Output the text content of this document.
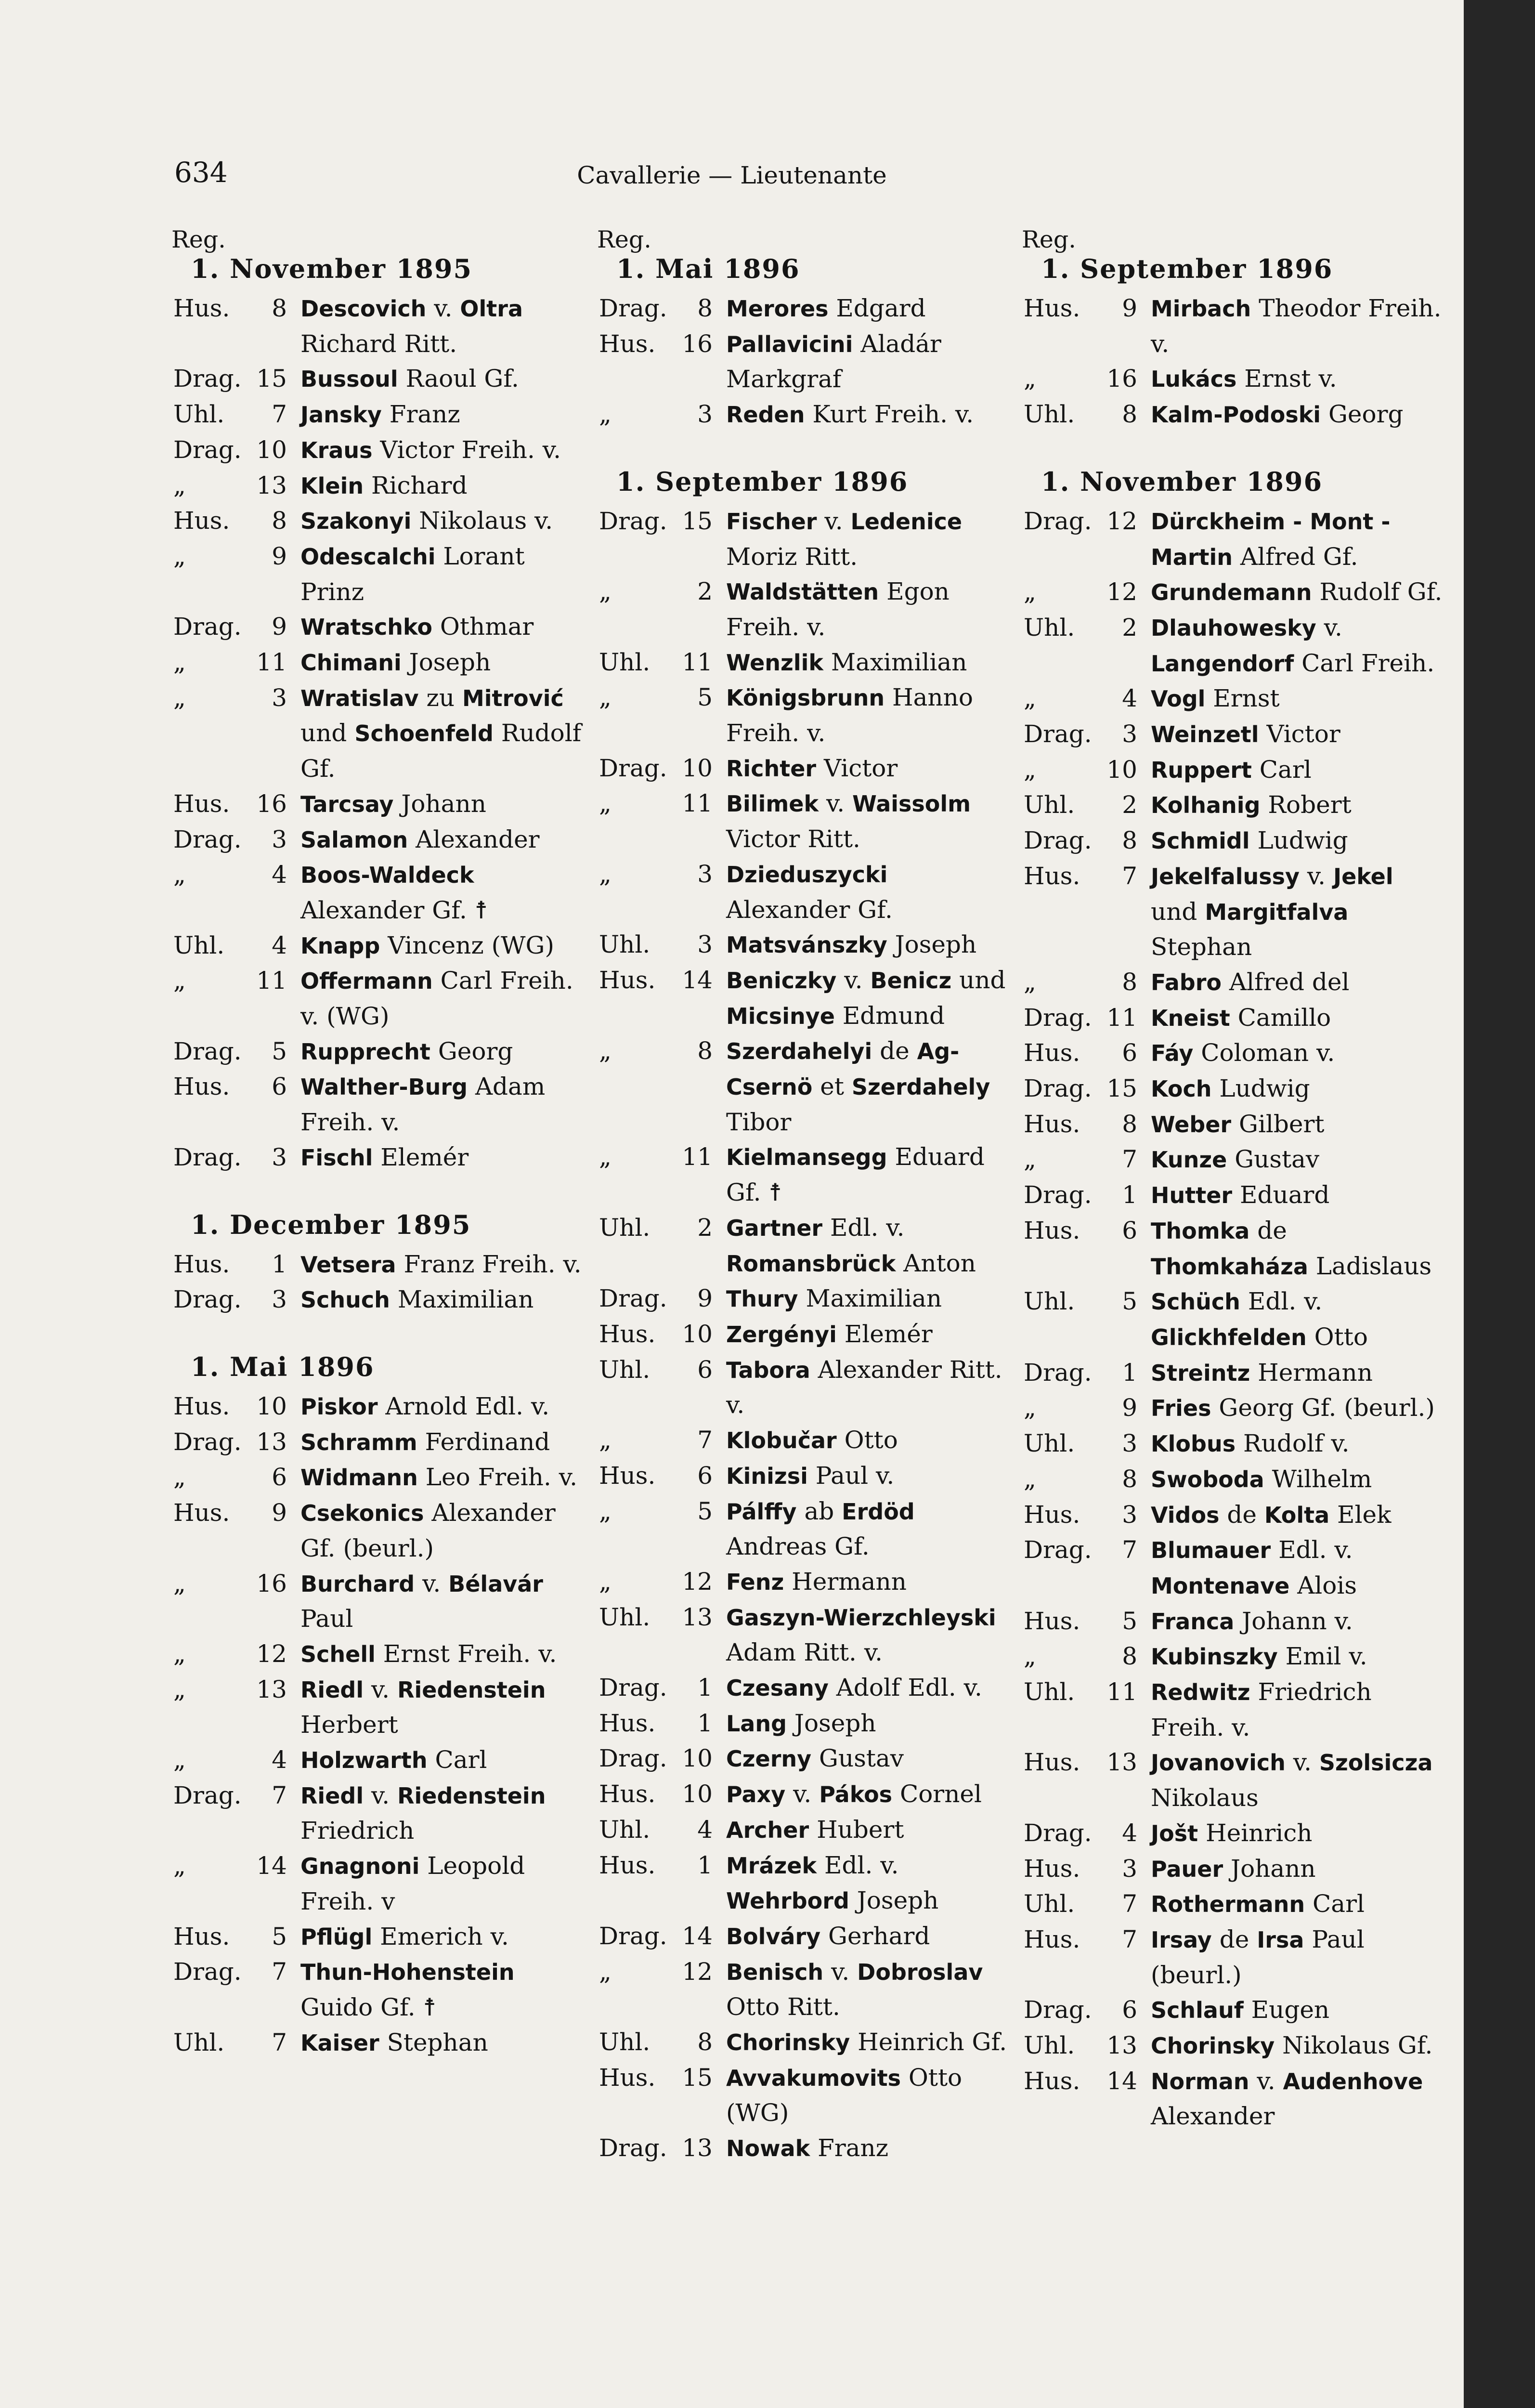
634	Cavallerie — Lieutenante
Reg.
1. November 1895
Hus.	8 Descovich v. Oltra Richard Ritt.
Drag. 15 Bussoul Raoul Gf.
Uhl.	7 Jansky Franz
Drag. 10 Kraus Victor Freih. v.
„	13 Klein Richard
Hus.	8 Szakonyi Nikolaus v.
„	9 Odescalchi Lorant Prinz
Drag.	9 Wratschko Othmar
„	11 Chimani Joseph
„	3 Wratislav zu Mitrović und Schoenfeld Rudolf Gf.
Hus. 16 Tarcsay Johann
Drag.	3 Salamon Alexander
„	4 Boos-Waldeck Alexander Gf. ☨
Uhl.	4 Knapp Vincenz (WG)
„	11 Offermann Carl Freih. v. (WG)
Drag.	5 Rupprecht Georg
Hus.	6 Walther-Burg Adam Freih. v.
Drag.	3 Fischl Elemér
1. December 1895
Hus.	1 Vetsera Franz Freih. v.
Drag.	3 Schuch Maximilian
1. Mai 1896
Hus. 10 Piskor Arnold Edl. v.
Drag. 13 Schramm Ferdinand
„	6 Widmann Leo Freih. v.
Hus.	9 Csekonics Alexander Gf. (beurl.)
„	16 Burchard v. Bélavár Paul
„	12 Schell Ernst Freih. v.
„	13 Riedl v. Riedenstein Herbert
„	4 Holzwarth Carl
Drag.	7 Riedl v. Riedenstein Friedrich
„	14 Gnagnoni Leopold Freih. v
Hus.	5 Pflügl Emerich v.
Drag.	7 Thun-Hohenstein Guido Gf. ☨
Uhl.	7 Kaiser Stephan
Reg.
1. Mai 1896
Drag.	8 Merores Edgard
Hus. 16 Pallavicini Aladár Markgraf
„	3 Reden Kurt Freih. v.
1. September 1896
Drag. 15 Fischer v. Ledenice Moriz Ritt.
„	2 Waldstätten Egon Freih. v.
Uhl. 11 Wenzlik Maximilian
„	5 Königsbrunn Hanno Freih. v.
Drag. 10 Richter Victor
„	11 Bilimek v. Waissolm Victor Ritt.
„	3 Dzieduszycki Alexander Gf.
Uhl.	3 Matsvánszky Joseph
Hus. 14 Beniczky v. Benicz und Micsinye Edmund
„	8 Szerdahelyi de Ag-Csernö et Szerdahely Tibor
„	11 Kielmansegg Eduard Gf. ☨
Uhl.	2 Gartner Edl. v. Romansbrück Anton
Drag.	9 Thury Maximilian
Hus. 10 Zergényi Elemér
Uhl.	6 Tabora Alexander Ritt. v.
„	7 Klobučar Otto
Hus.	6 Kinizsi Paul v.
„	5 Pálffy ab Erdöd Andreas Gf.
„	12 Fenz Hermann
Uhl. 13 Gaszyn-Wierzchleyski Adam Ritt. v.
Drag.	1 Czesany Adolf Edl. v.
Hus.	1 Lang Joseph
Drag. 10 Czerny Gustav
Hus. 10 Paxy v. Pákos Cornel
Uhl.	4 Archer Hubert
Hus.	1 Mrázek Edl. v. Wehrbord Joseph
Drag. 14 Bolváry Gerhard
„	12 Benisch v. Dobroslav Otto Ritt.
Uhl.	8 Chorinsky Heinrich Gf.
Hus. 15 Avvakumovits Otto (WG)
Drag. 13 Nowak Franz
Reg.
1. September 1896
Hus.	9 Mirbach Theodor Freih. v.
„	16 Lukács Ernst v.
Uhl.	8 Kalm-Podoski Georg
1. November 1896
Drag. 12 Dürckheim - Mont - Martin Alfred Gf.
„	12 Grundemann Rudolf Gf.
Uhl.	2 Dlauhowesky v. Langendorf Carl Freih.
„	4 Vogl Ernst
Drag.	3 Weinzetl Victor
„	10 Ruppert Carl
Uhl.	2 Kolhanig Robert
Drag.	8 Schmidl Ludwig
Hus.	7 Jekelfalussy v. Jekel und Margitfalva Stephan
„	8 Fabro Alfred del
Drag. 11 Kneist Camillo
Hus.	6 Fáy Coloman v.
Drag. 15 Koch Ludwig
Hus.	8 Weber Gilbert
„	7 Kunze Gustav
Drag.	1 Hutter Eduard
Hus.	6 Thomka de Thomkaháza Ladislaus
Uhl.	5 Schüch Edl. v. Glickhfelden Otto
Drag.	1 Streintz Hermann
„	9 Fries Georg Gf. (beurl.)
Uhl.	3 Klobus Rudolf v.
„	8 Swoboda Wilhelm
Hus.	3 Vidos de Kolta Elek
Drag.	7 Blumauer Edl. v. Montenave Alois
Hus.	5 Franca Johann v.
„	8 Kubinszky Emil v.
Uhl. 11 Redwitz Friedrich Freih. v.
Hus. 13 Jovanovich v. Szolsicza Nikolaus
Drag.	4 Jošt Heinrich
Hus.	3 Pauer Johann
Uhl.	7 Rothermann Carl
Hus.	7 Irsay de Irsa Paul (beurl.)
Drag.	6 Schlauf Eugen
Uhl. 13 Chorinsky Nikolaus Gf.
Hus. 14 Norman v. Audenhove Alexander
